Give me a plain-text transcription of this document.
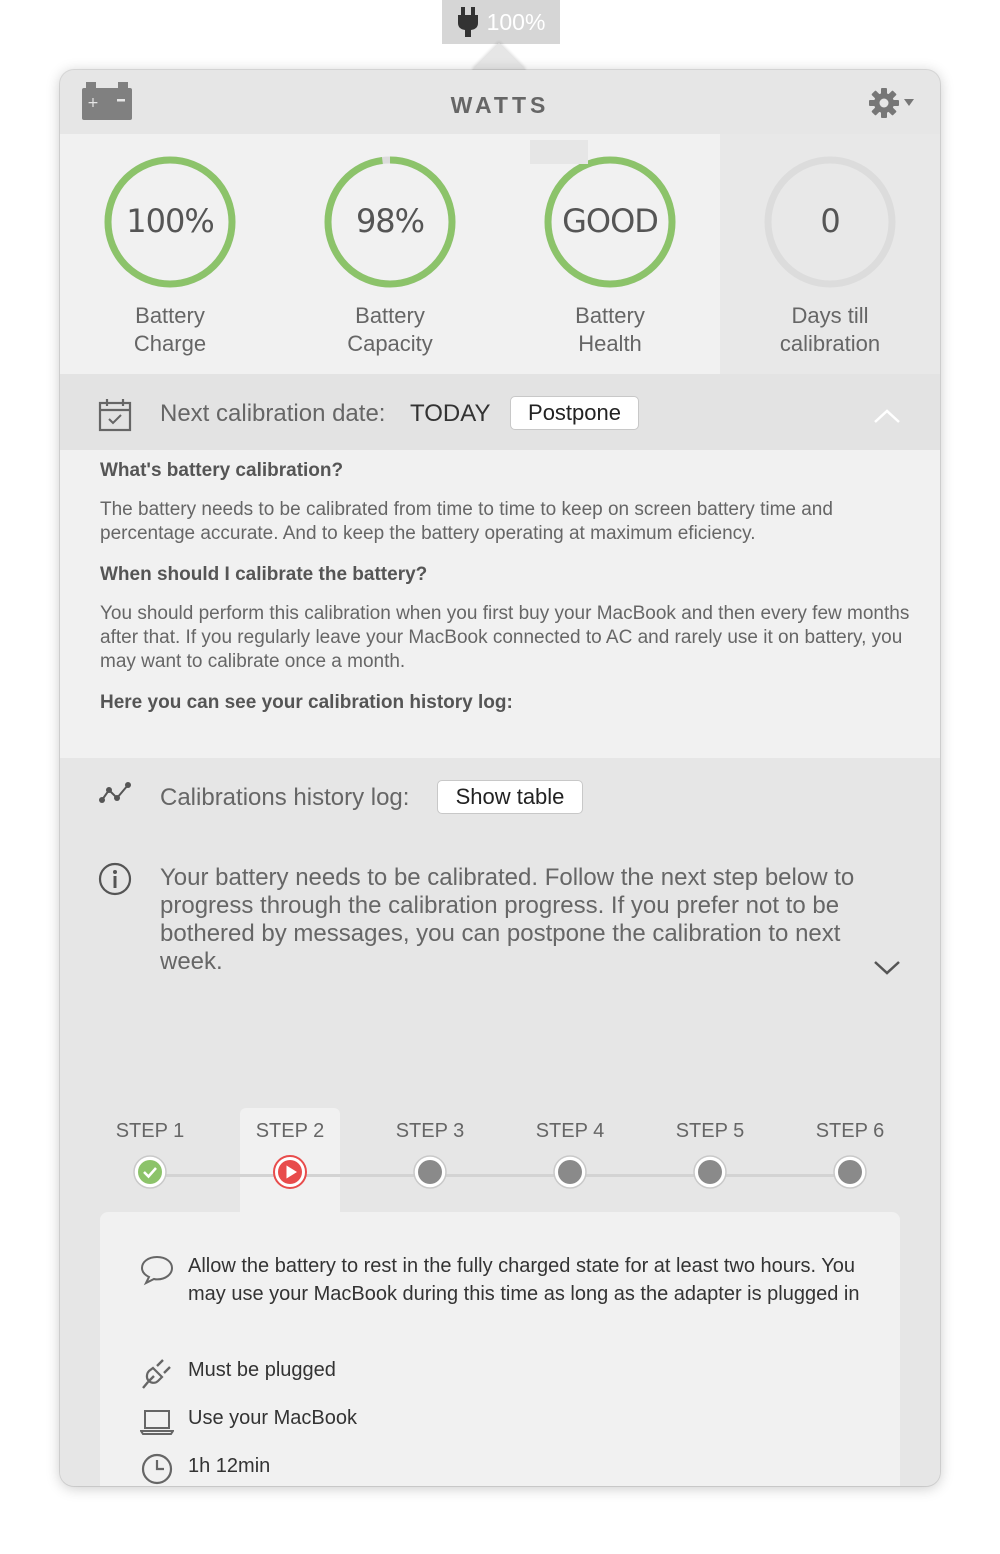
100%
+	WATTS
100%
Battery
Charge
98%
Battery
Capacity
GOOD
Battery
Health
0
Days till
calibration
Next calibration date: TODAY	Postpone
What's battery calibration?
The battery needs to be calibrated from time to time to keep on screen battery time and percentage accurate. And to keep the battery operating at maximum eficiency.
When should I calibrate the battery?
You should perform this calibration when you first buy your MacBook and then every few months after that. If you regularly leave your MacBook connected to AC and rarely use it on battery, you may want to calibrate once a month.
Here you can see your calibration history log:
Calibrations history log:	Show table
Your battery needs to be calibrated. Follow the next step below to progress through the calibration progress. If you prefer not to be bothered by messages, you can postpone the calibration to next week.
STEP 1	STEP 2	STEP 3	STEP 4	STEP 5	STEP 6
Allow the battery to rest in the fully charged state for at least two hours. You may use your MacBook during this time as long as the adapter is plugged in
Must be plugged
Use your MacBook
1h 12min
